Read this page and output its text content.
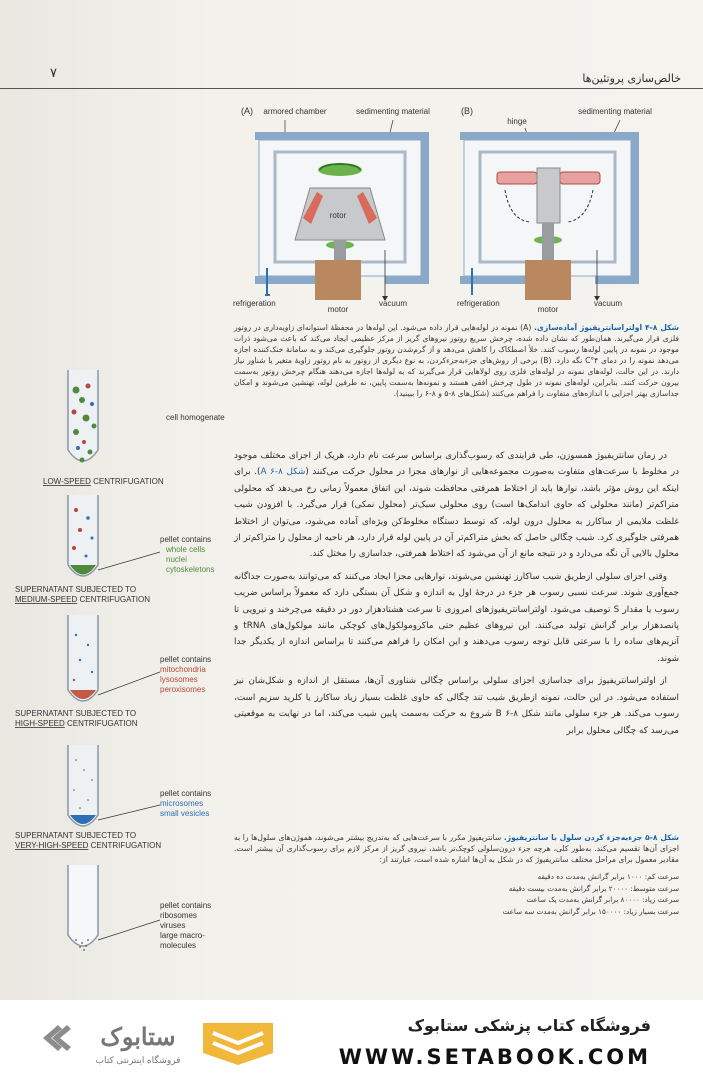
۷	خالص‌سازی پروتئین‌ها
(A) armored chamber	sedimenting material
rotor
refrigeration
motor
vacuum
(B)
hinge
sedimenting material
refrigeration
motor
vacuum
شکل ۸-۴ اولتراسانتریفیوژ آماده‌سازی. (A) نمونه در لوله‌هایی قرار داده می‌شود. این لوله‌ها در محفظهٔ استوانه‌ای زاویه‌داری در روتور فلزی قرار می‌گیرند. همان‌طور که نشان داده شده، چرخش سریع روتور نیروهای گریز از مرکز عظیمی ایجاد می‌کند که باعث می‌شود ذرات موجود در نمونه در پایین لوله‌ها رسوب کنند. خلأ اصطکاک را کاهش می‌دهد و از گرم‌شدن روتور جلوگیری می‌کند و به سامانهٔ خنک‌کننده اجازه می‌دهد نمونه را در دمای ۴°C نگه دارد. (B) برخی از روش‌های جزءبه‌جزءکردن، به نوع دیگری از روتور به نام روتور زاویهٔ متغیر یا شناور نیاز دارند. در این حالت، لوله‌های نمونه در لوله‌های فلزی روی لولاهایی قرار می‌گیرند که به لوله‌ها اجازه می‌دهند هنگام چرخش روتور به‌سمت بیرون حرکت کنند. بنابراین، لوله‌های نمونه در طول چرخش افقی هستند و نمونه‌ها به‌سمت پایین، نه طرفین لوله، تهنشین می‌شوند و امکان جداسازی بهتر اجزایی با اندازه‌های متفاوت را فراهم می‌کنند (شکل‌های ۸-۵ و ۸-۶ را ببینید).

در زمان سانتریفیوژ همسوزن، طی فرایندی که رسوب‌گذاری براساس سرعت نام دارد، هریک از اجزای مختلف موجود در مخلوط با سرعت‌های متفاوت به‌صورت مجموعه‌هایی از نوارهای مجزا در محلول حرکت می‌کنند (شکل ۸-۶ A). برای اینکه این روش مؤثر باشد، نوارها باید از اختلاط همرفتی محافظت شوند، این اتفاق معمولاً زمانی رخ می‌دهد که محلولی متراکم‌تر (مانند محلولی که حاوی اندامک‌ها است) روی محلولی سبک‌تر (محلول نمکی) قرار می‌گیرد. با افزودن شیب غلظت ملایمی از ساکارز به محلول درون لوله، که توسط دستگاه مخلوط‌کن ویژه‌ای آماده می‌شود، می‌توان از اختلاط همرفتی جلوگیری کرد. شیب چگالی حاصل که بخش متراکم‌تر آن در پایین لوله قرار دارد، هر ناحیه از محلول را متراکم‌تر از محلول بالایی آن نگه می‌دارد و در نتیجه مانع از آن می‌شود که اختلاط همرفتی، جداسازی را مختل کند.

وقتی اجزای سلولی ازطریق شیب ساکارز تهنشین می‌شوند، نوارهایی مجزا ایجاد می‌کنند که می‌توانند به‌صورت جداگانه جمع‌آوری شوند. سرعت نسبی رسوب هر جزء در درجهٔ اول به اندازه و شکل آن بستگی دارد که معمولاً براساس ضریب رسوب یا مقدار S توصیف می‌شود. اولتراسانتریفیوژهای امروزی تا سرعت هشتادهزار دور در دقیقه می‌چرخند و نیرویی تا پانصدهزار برابر گرانش تولید می‌کنند. این نیروهای عظیم حتی ماکرومولکول‌های کوچکی مانند مولکول‌های tRNA و آنزیم‌های ساده را با سرعتی قابل توجه رسوب می‌دهند و این امکان را فراهم می‌کنند تا براساس اندازه از یکدیگر جدا شوند.

از اولتراسانتریفیوژ برای جداسازی اجزای سلولی براساس چگالی شناوری آن‌ها، مستقل از اندازه و شکل‌شان نیز استفاده می‌شود. در این حالت، نمونه ازطریق شیب تند چگالی که حاوی غلظت بسیار زیاد ساکارز یا کلرید سزیم است، رسوب می‌کند. هر جزء سلولی مانند شکل ۸-۶ B شروع به حرکت به‌سمت پایین شیب می‌کند، اما در نهایت به موقعیتی می‌رسد که چگالی محلول برابر

cell homogenate
LOW-SPEED CENTRIFUGATION
pellet contains whole cells nuclei cytoskeletons
SUPERNATANT SUBJECTED TO MEDIUM-SPEED CENTRIFUGATION
pellet contains mitochondria lysosomes peroxisomes
SUPERNATANT SUBJECTED TO HIGH-SPEED CENTRIFUGATION
pellet contains microsomes small vesicles
SUPERNATANT SUBJECTED TO VERY-HIGH-SPEED CENTRIFUGATION
pellet contains ribosomes viruses large macro-molecules
شکل ۸-۵ جزء‌به‌جزء کردن سلول با سانتریفیوژ. سانتریفیوژ مکرر با سرعت‌هایی که به‌تدریج بیشتر می‌شوند، هموژن‌های سلول‌ها را به اجزای آن‌ها تقسیم می‌کند. به‌طور کلی، هرچه جزء درون‌سلولی کوچک‌تر باشد، نیروی گریز از مرکز لازم برای رسوب‌گذاری آن بیشتر است. مقادیر معمول برای مراحل مختلف سانتریفیوژ که در شکل به آن‌ها اشاره شده است، عبارتند از:
سرعت کم: ۱۰۰۰ برابر گرانش به‌مدت ده دقیقه
سرعت متوسط: ۲۰۰۰۰ برابر گرانش به‌مدت بیست دقیقه
سرعت زیاد: ۸۰۰۰۰ برابر گرانش به‌مدت یک ساعت
سرعت بسیار زیاد: ۱۵۰۰۰۰ برابر گرانش به‌مدت سه ساعت
ستابوک
فروشگاه اینترنتی کتاب
فروشگاه کتاب پزشکی ستابوک
WWW.SETABOOK.COM
